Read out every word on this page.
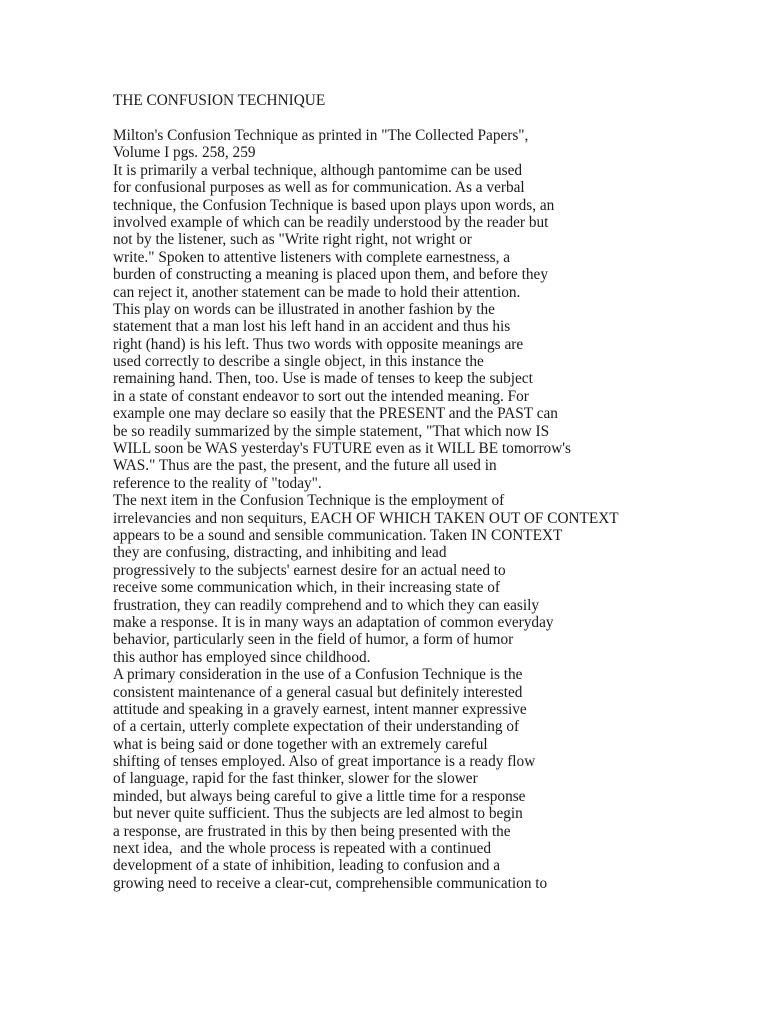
THE CONFUSION TECHNIQUE
Milton's Confusion Technique as printed in "The Collected Papers",
Volume I pgs. 258, 259
It is primarily a verbal technique, although pantomime can be used
for confusional purposes as well as for communication. As a verbal
technique, the Confusion Technique is based upon plays upon words, an
involved example of which can be readily understood by the reader but
not by the listener, such as "Write right right, not wright or
write." Spoken to attentive listeners with complete earnestness, a
burden of constructing a meaning is placed upon them, and before they
can reject it, another statement can be made to hold their attention.
This play on words can be illustrated in another fashion by the
statement that a man lost his left hand in an accident and thus his
right (hand) is his left. Thus two words with opposite meanings are
used correctly to describe a single object, in this instance the
remaining hand. Then, too. Use is made of tenses to keep the subject
in a state of constant endeavor to sort out the intended meaning. For
example one may declare so easily that the PRESENT and the PAST can
be so readily summarized by the simple statement, "That which now IS
WILL soon be WAS yesterday's FUTURE even as it WILL BE tomorrow's
WAS." Thus are the past, the present, and the future all used in
reference to the reality of "today".
The next item in the Confusion Technique is the employment of
irrelevancies and non sequiturs, EACH OF WHICH TAKEN OUT OF CONTEXT
appears to be a sound and sensible communication. Taken IN CONTEXT
they are confusing, distracting, and inhibiting and lead
progressively to the subjects' earnest desire for an actual need to
receive some communication which, in their increasing state of
frustration, they can readily comprehend and to which they can easily
make a response. It is in many ways an adaptation of common everyday
behavior, particularly seen in the field of humor, a form of humor
this author has employed since childhood.
A primary consideration in the use of a Confusion Technique is the
consistent maintenance of a general casual but definitely interested
attitude and speaking in a gravely earnest, intent manner expressive
of a certain, utterly complete expectation of their understanding of
what is being said or done together with an extremely careful
shifting of tenses employed. Also of great importance is a ready flow
of language, rapid for the fast thinker, slower for the slower
minded, but always being careful to give a little time for a response
but never quite sufficient. Thus the subjects are led almost to begin
a response, are frustrated in this by then being presented with the
next idea,  and the whole process is repeated with a continued
development of a state of inhibition, leading to confusion and a
growing need to receive a clear-cut, comprehensible communication to
